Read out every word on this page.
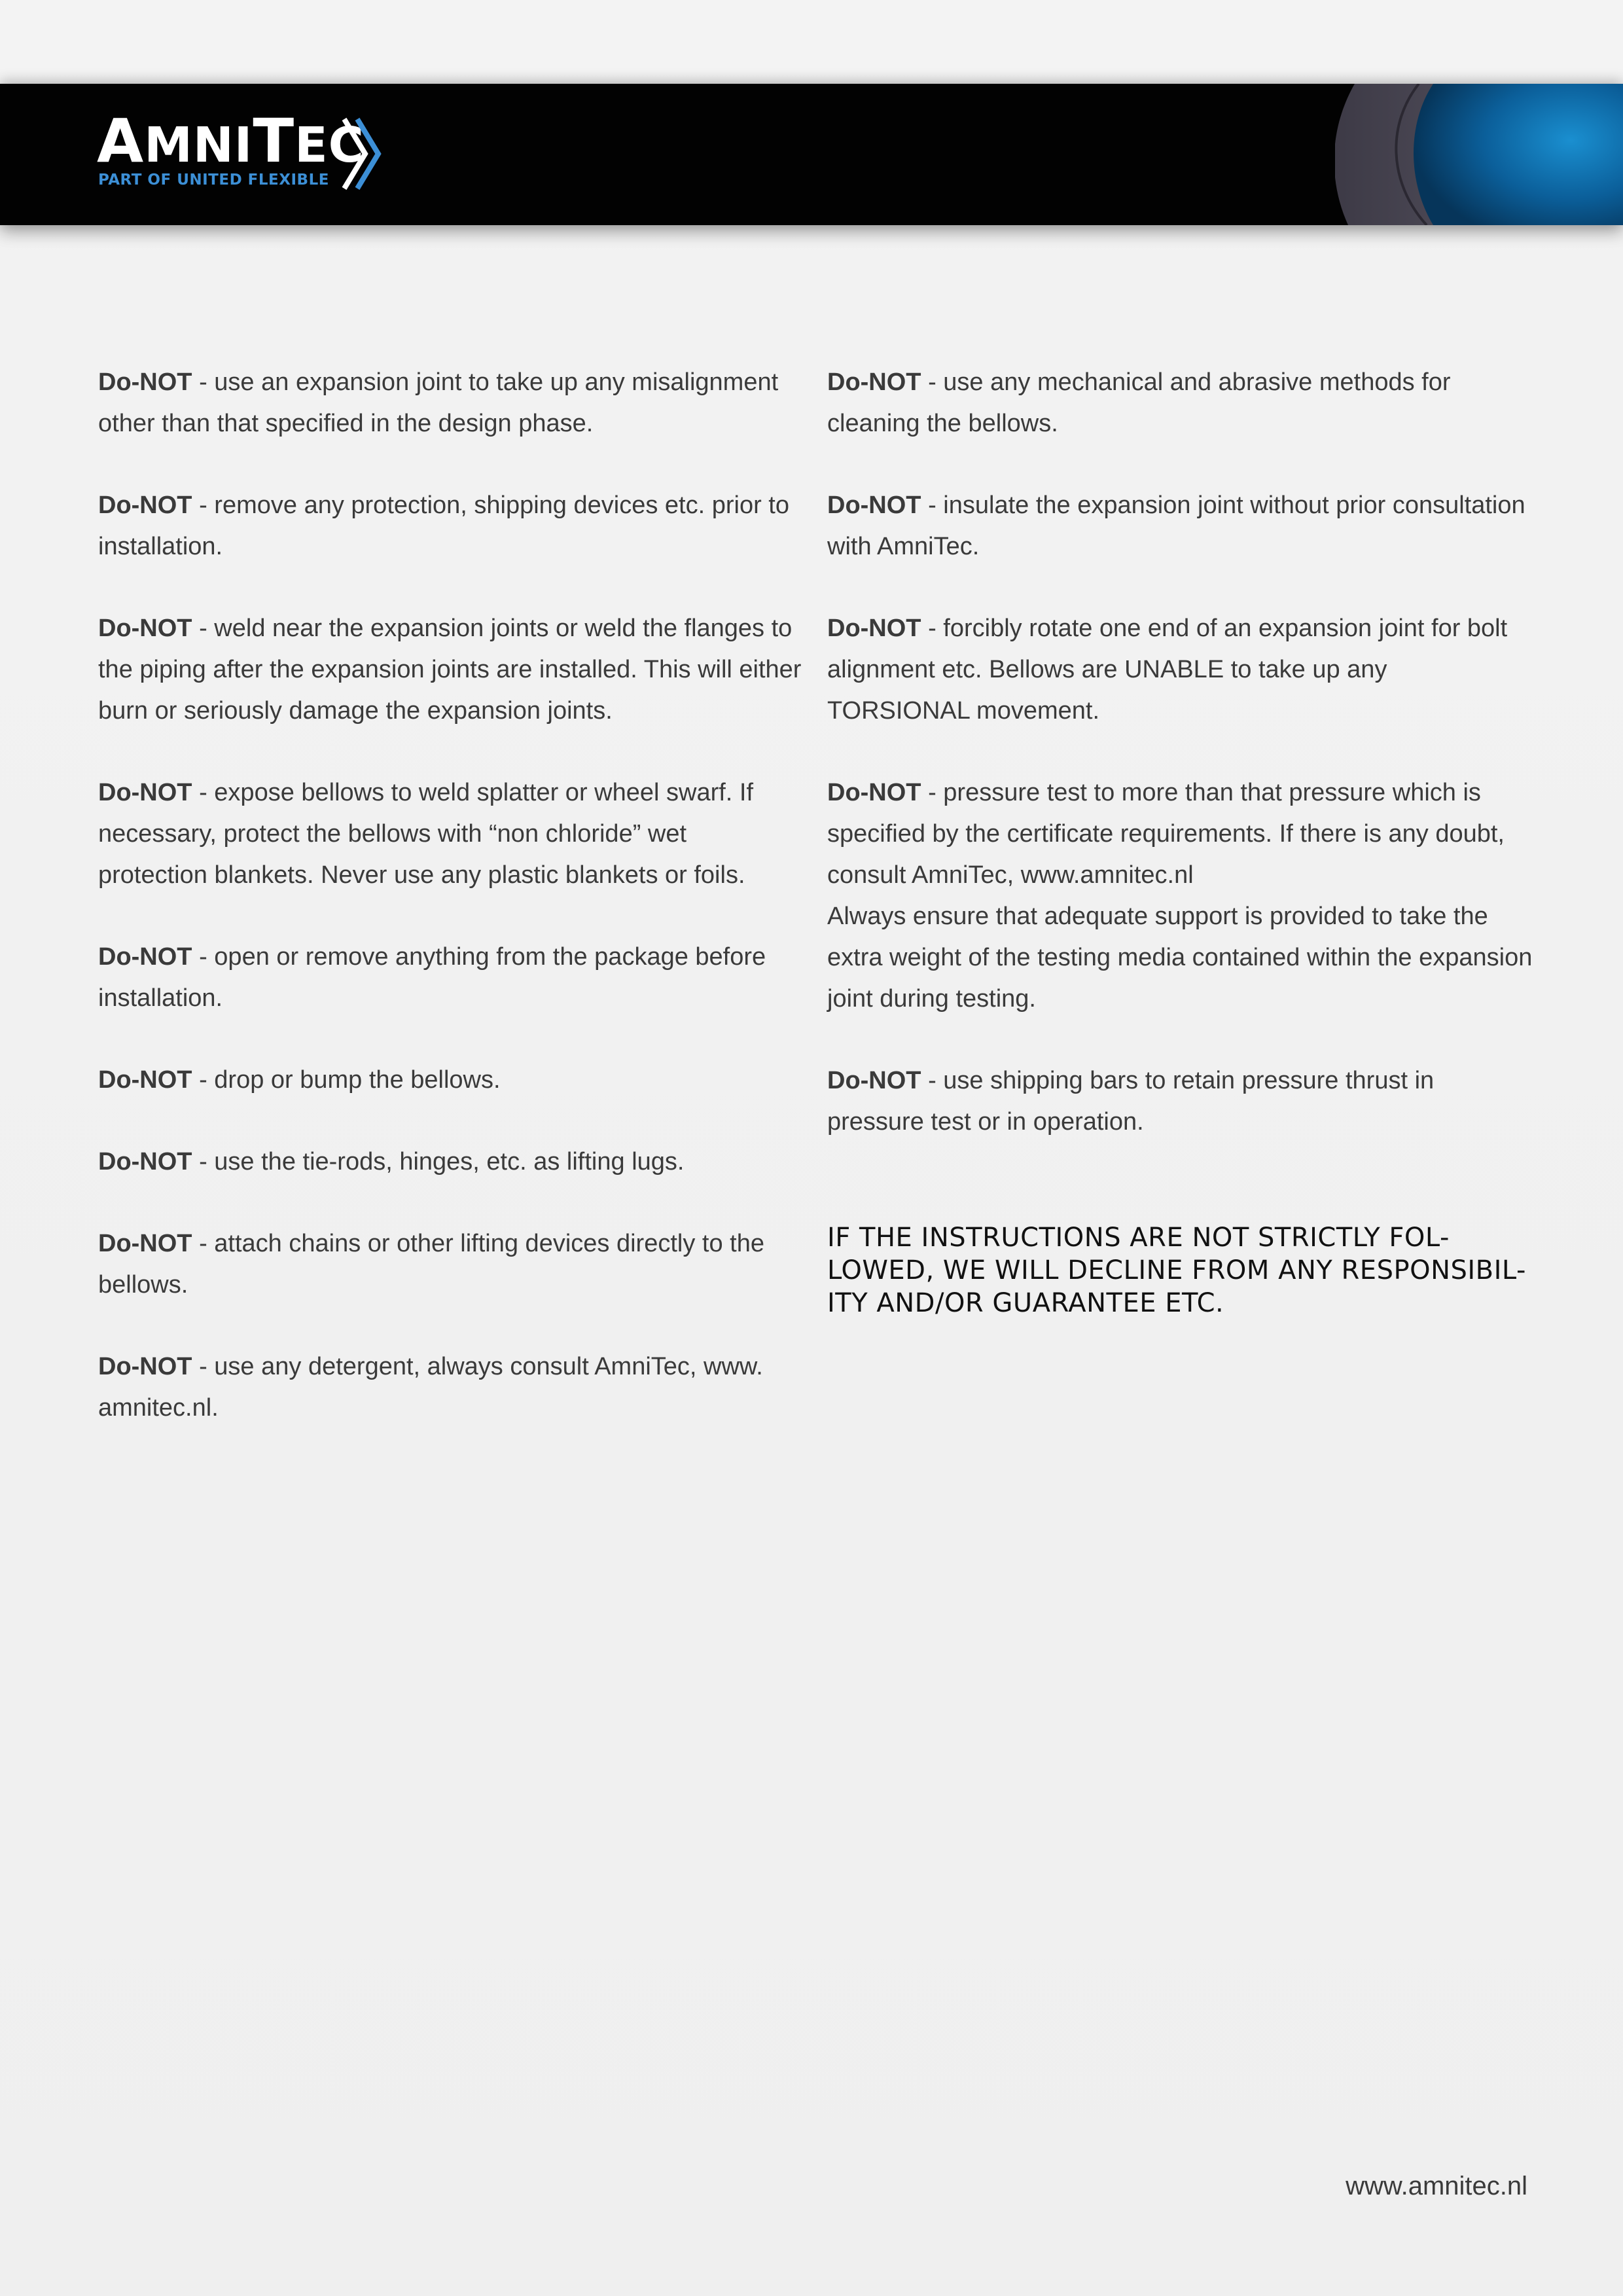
AMNITEC
PART OF UNITED FLEXIBLE

Do-NOT - use an expansion joint to take up any misalignment other than that specified in the design phase.

Do-NOT - remove any protection, shipping devices etc. prior to installation.

Do-NOT - weld near the expansion joints or weld the flanges to the piping after the expansion joints are installed. This will either burn or seriously damage the expansion joints.

Do-NOT - expose bellows to weld splatter or wheel swarf. If necessary, protect the bellows with “non chloride” wet protection blankets. Never use any plastic blankets or foils.

Do-NOT - open or remove anything from the package before installation.

Do-NOT - drop or bump the bellows.

Do-NOT - use the tie-rods, hinges, etc. as lifting lugs.

Do-NOT - attach chains or other lifting devices directly to the bellows.

Do-NOT - use any detergent, always consult AmniTec, www. amnitec.nl.

Do-NOT - use any mechanical and abrasive methods for cleaning the bellows.

Do-NOT - insulate the expansion joint without prior consultation with AmniTec.

Do-NOT - forcibly rotate one end of an expansion joint for bolt alignment etc. Bellows are UNABLE to take up any TORSIONAL movement.

Do-NOT - pressure test to more than that pressure which is specified by the certificate requirements. If there is any doubt, consult AmniTec, www.amnitec.nl
Always ensure that adequate support is provided to take the extra weight of the testing media contained within the expansion joint during testing.

Do-NOT - use shipping bars to retain pressure thrust in pressure test or in operation.

IF THE INSTRUCTIONS ARE NOT STRICTLY FOL-LOWED, WE WILL DECLINE FROM ANY RESPONSIBIL-ITY AND/OR GUARANTEE ETC.
www.amnitec.nl
